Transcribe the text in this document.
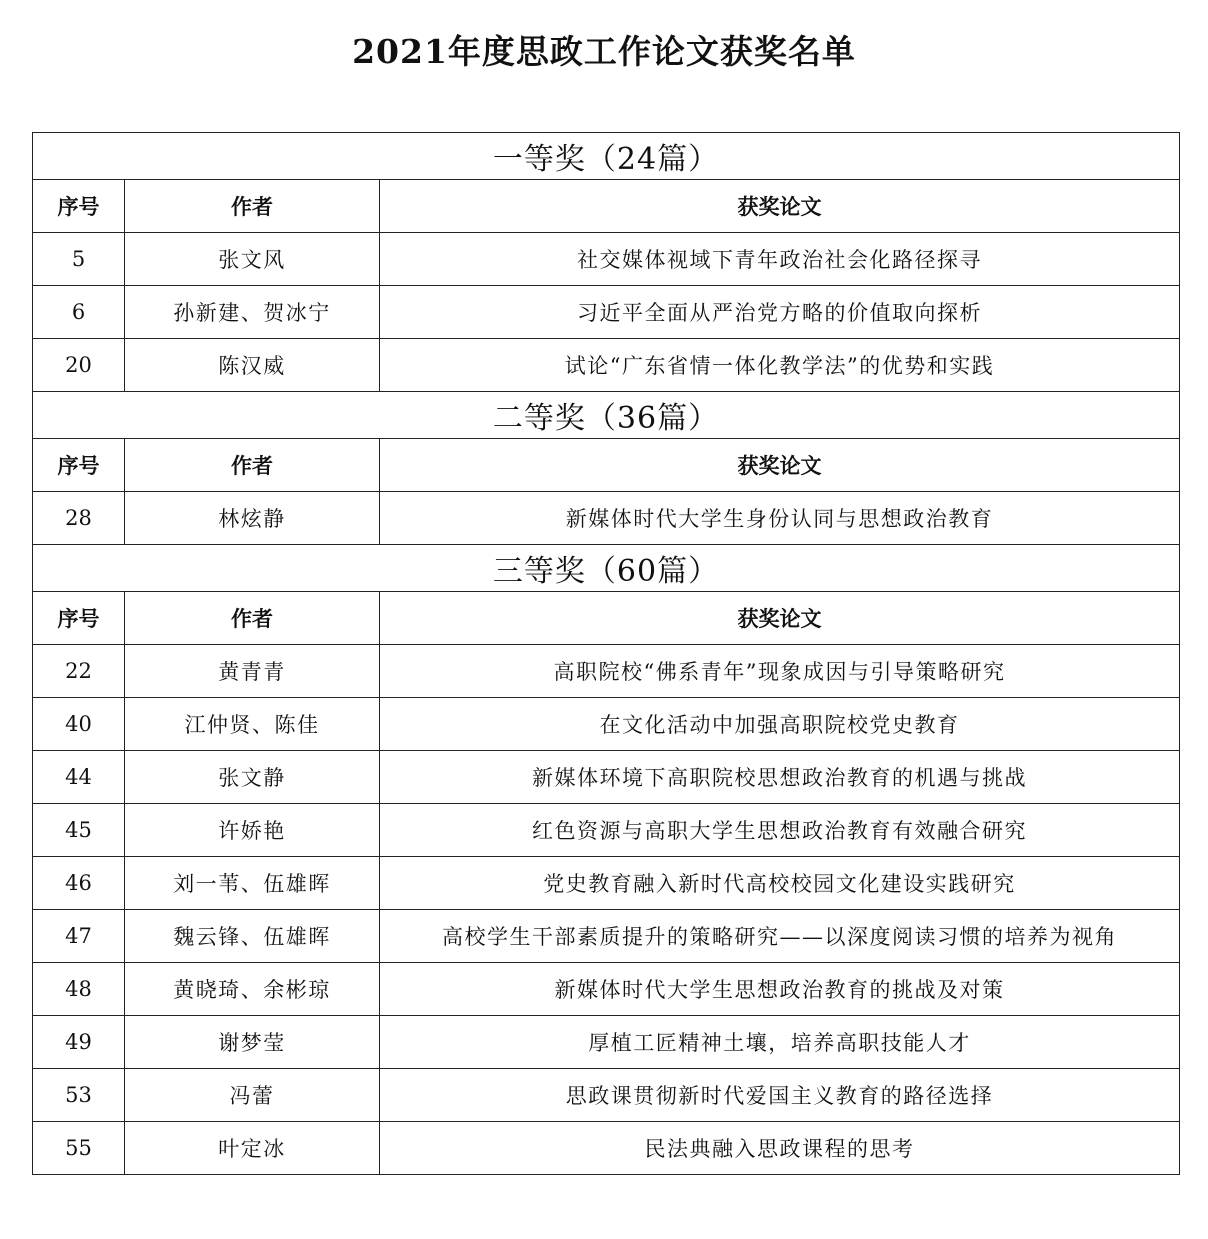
2021年度思政工作论文获奖名单
一等奖（24篇）		
序号	作者	获奖论文
5	张文风	社交媒体视域下青年政治社会化路径探寻
6	孙新建、贺冰宁	习近平全面从严治党方略的价值取向探析
20	陈汉威	试论“广东省情一体化教学法”的优势和实践
二等奖（36篇）		
序号	作者	获奖论文
28	林炫静	新媒体时代大学生身份认同与思想政治教育
三等奖（60篇）		
序号	作者	获奖论文
22	黄青青	高职院校“佛系青年”现象成因与引导策略研究
40	江仲贤、陈佳	在文化活动中加强高职院校党史教育
44	张文静	新媒体环境下高职院校思想政治教育的机遇与挑战
45	许娇艳	红色资源与高职大学生思想政治教育有效融合研究
46	刘一苇、伍雄晖	党史教育融入新时代高校校园文化建设实践研究
47	魏云锋、伍雄晖	高校学生干部素质提升的策略研究——以深度阅读习惯的培养为视角
48	黄晓琦、余彬琼	新媒体时代大学生思想政治教育的挑战及对策
49	谢梦莹	厚植工匠精神土壤，培养高职技能人才
53	冯蕾	思政课贯彻新时代爱国主义教育的路径选择
55	叶定冰	民法典融入思政课程的思考
